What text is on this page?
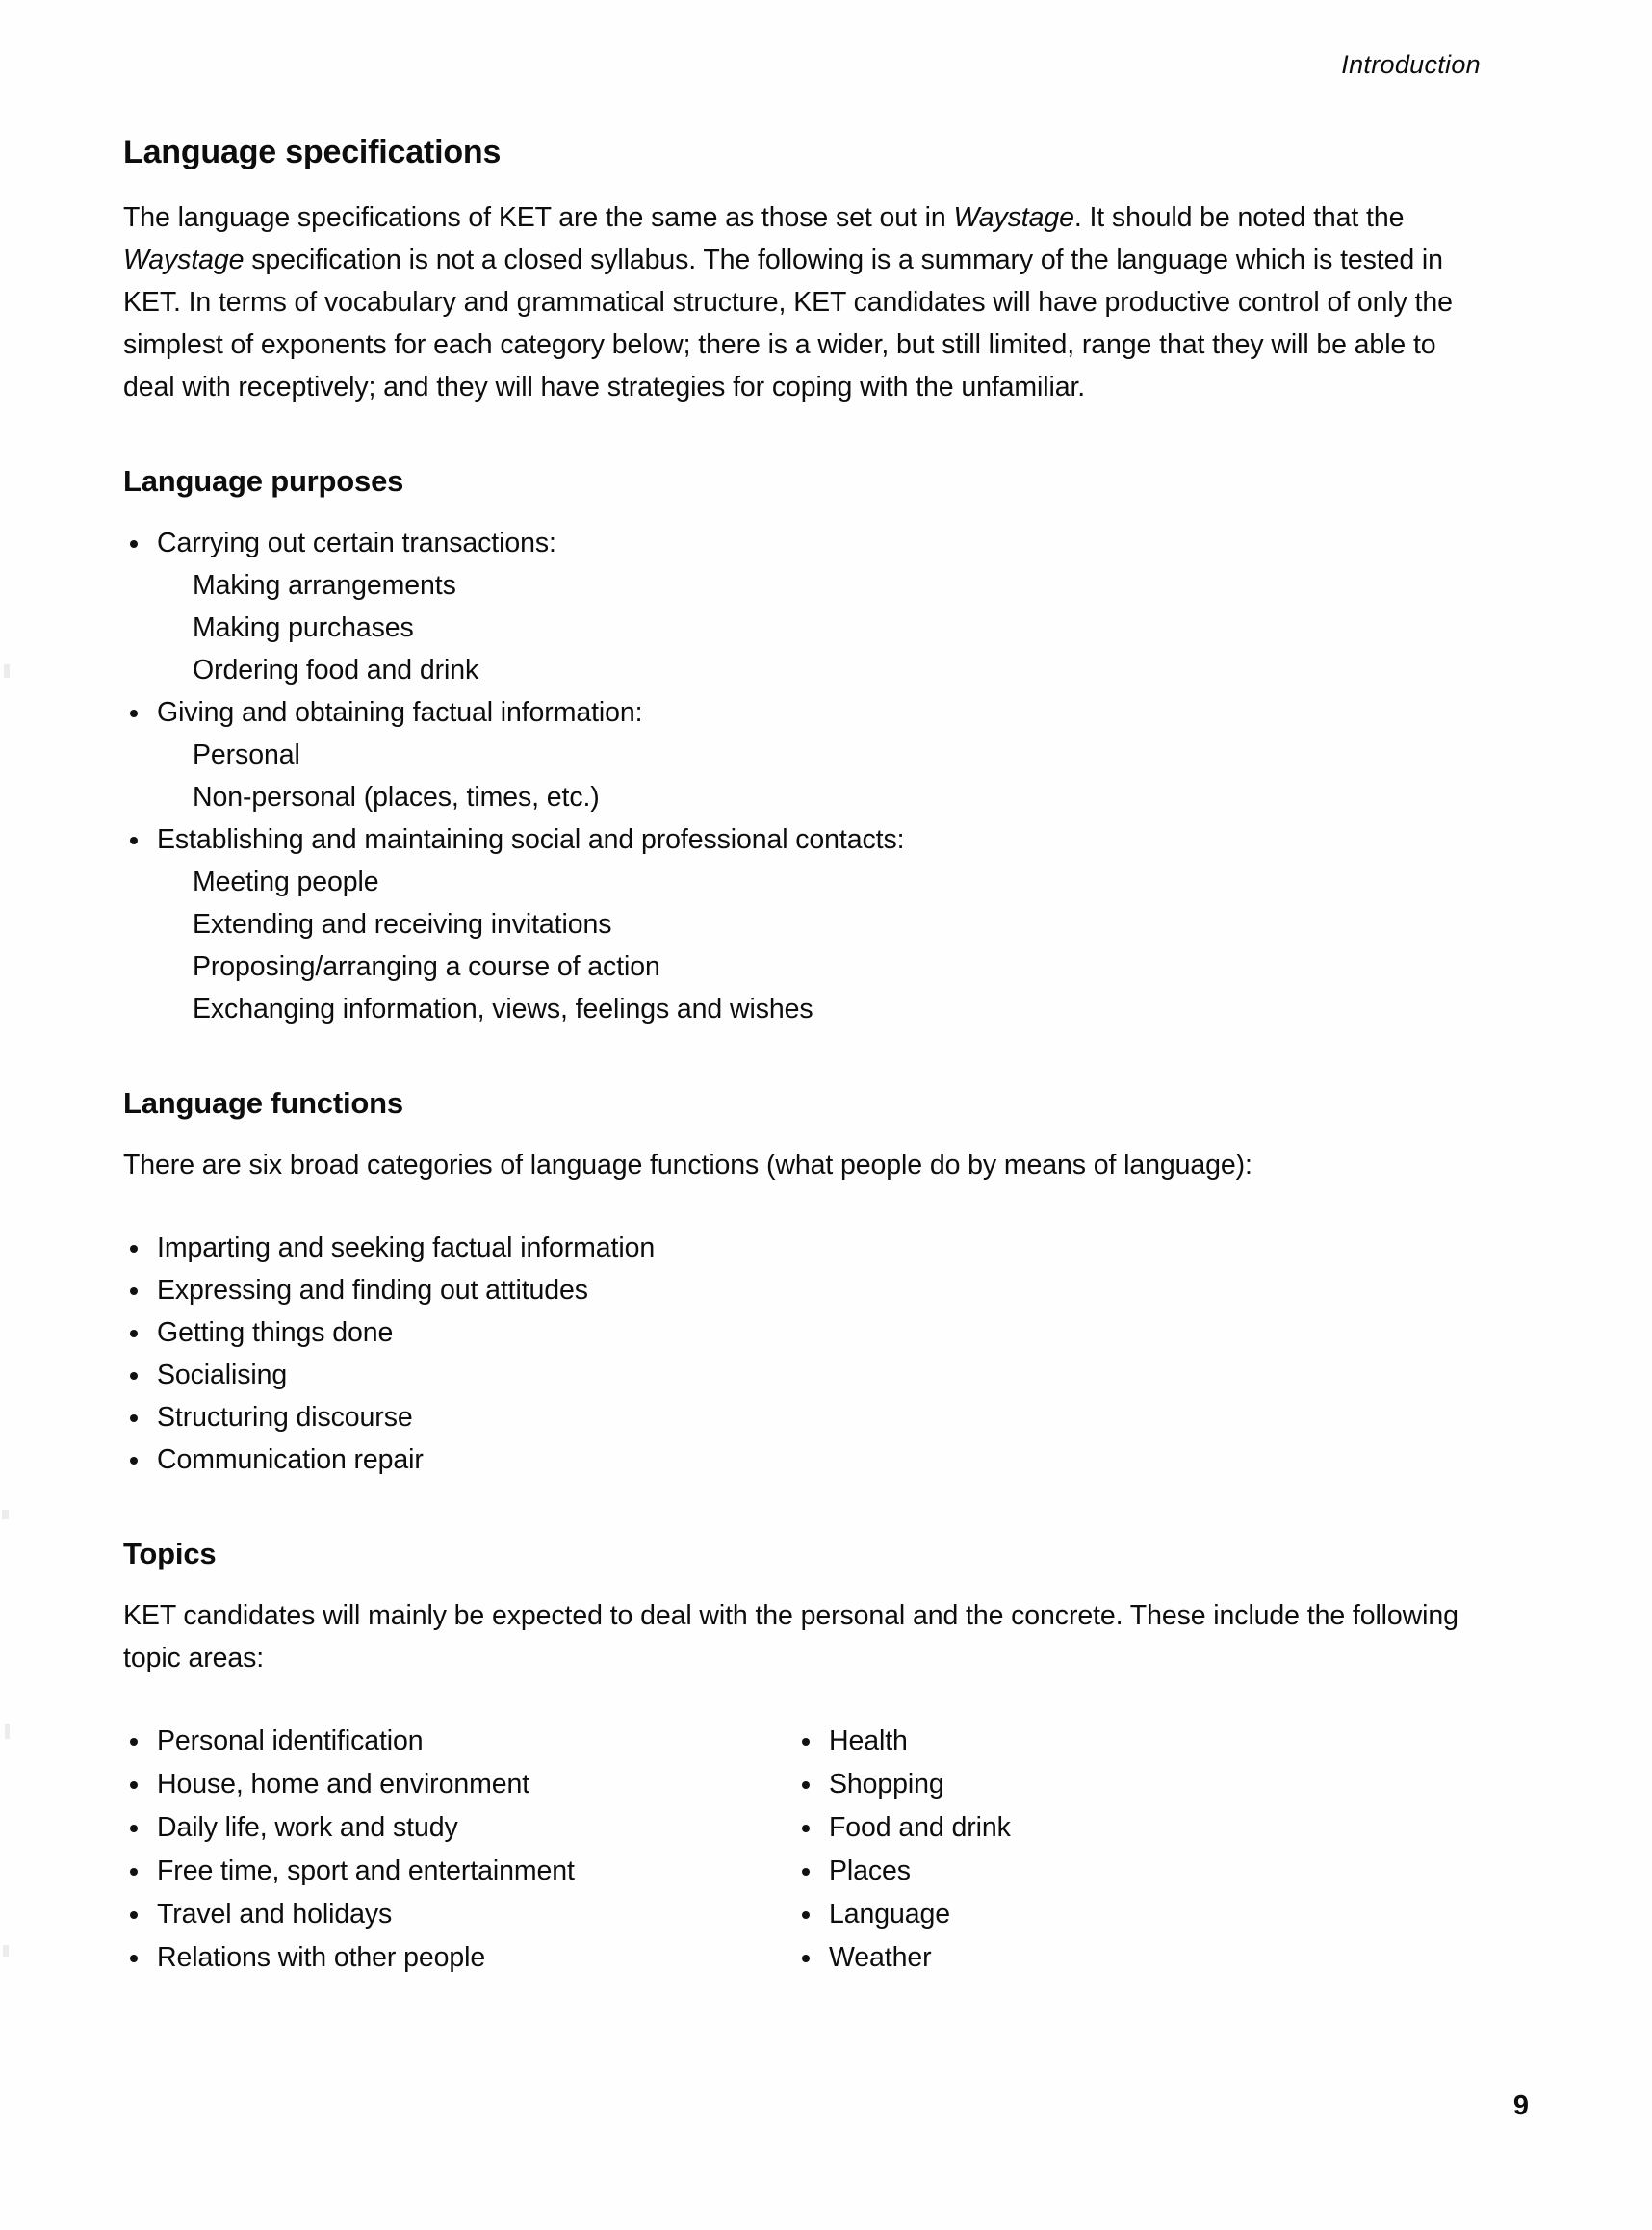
Introduction
Language specifications

The language specifications of KET are the same as those set out in Waystage. It should be noted that the Waystage specification is not a closed syllabus. The following is a summary of the language which is tested in KET. In terms of vocabulary and grammatical structure, KET candidates will have productive control of only the simplest of exponents for each category below; there is a wider, but still limited, range that they will be able to deal with receptively; and they will have strategies for coping with the unfamiliar.

Language purposes
Carrying out certain transactions:
Making arrangements
Making purchases
Ordering food and drink
Giving and obtaining factual information:
Personal
Non-personal (places, times, etc.)
Establishing and maintaining social and professional contacts:
Meeting people
Extending and receiving invitations
Proposing/arranging a course of action
Exchanging information, views, feelings and wishes
Language functions

There are six broad categories of language functions (what people do by means of language):

Imparting and seeking factual information
Expressing and finding out attitudes
Getting things done
Socialising
Structuring discourse
Communication repair
Topics

KET candidates will mainly be expected to deal with the personal and the concrete. These include the following topic areas:

Personal identification
House, home and environment
Daily life, work and study
Free time, sport and entertainment
Travel and holidays
Relations with other people
Health
Shopping
Food and drink
Places
Language
Weather
9
